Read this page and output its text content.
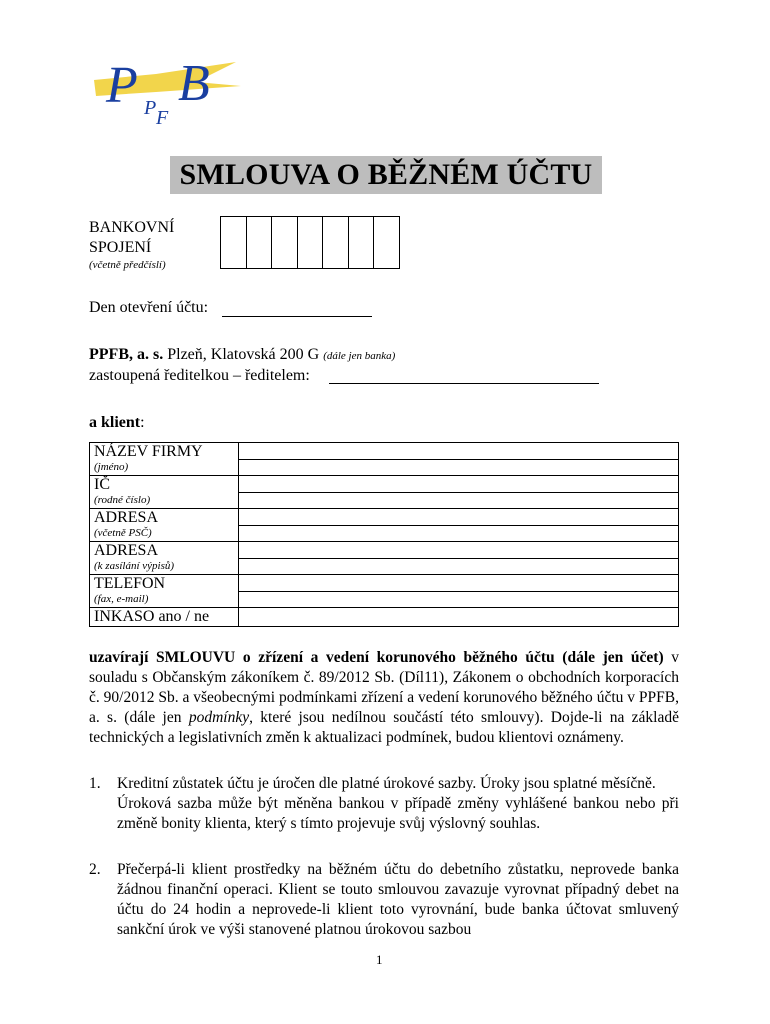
P B
P F
SMLOUVA O BĚŽNÉM ÚČTU
BANKOVNÍ
SPOJENÍ
(včetně předčíslí)
Den otevření účtu:
PPFB, a. s. Plzeň, Klatovská 200 G (dále jen banka)
zastoupená ředitelkou – ředitelem:
a klient:
NÁZEV FIRMY
(jméno)	

IČ
(rodné číslo)	

ADRESA
(včetně PSČ)	

ADRESA
(k zasílání výpisů)	

TELEFON
(fax, e-mail)	

INKASO ano / ne	

uzavírají SMLOUVU o zřízení a vedení korunového běžného účtu (dále jen účet) v souladu s Občanským zákoníkem č. 89/2012 Sb. (Díl11), Zákonem o obchodních korporacích č. 90/2012 Sb. a všeobecnými podmínkami zřízení a vedení korunového běžného účtu v PPFB, a. s. (dále jen podmínky, které jsou nedílnou součástí této smlouvy). Dojde-li na základě technických a legislativních změn k aktualizaci podmínek, budou klientovi oznámeny.
1. Kreditní zůstatek účtu je úročen dle platné úrokové sazby. Úroky jsou splatné měsíčně.
Úroková sazba může být měněna bankou v případě změny vyhlášené bankou nebo při změně bonity klienta, který s tímto projevuje svůj výslovný souhlas.
2. Přečerpá-li klient prostředky na běžném účtu do debetního zůstatku, neprovede banka žádnou finanční operaci. Klient se touto smlouvou zavazuje vyrovnat případný debet na účtu do 24 hodin a neprovede-li klient toto vyrovnání, bude banka účtovat smluvený sankční úrok ve výši stanovené platnou úrokovou sazbou
1
